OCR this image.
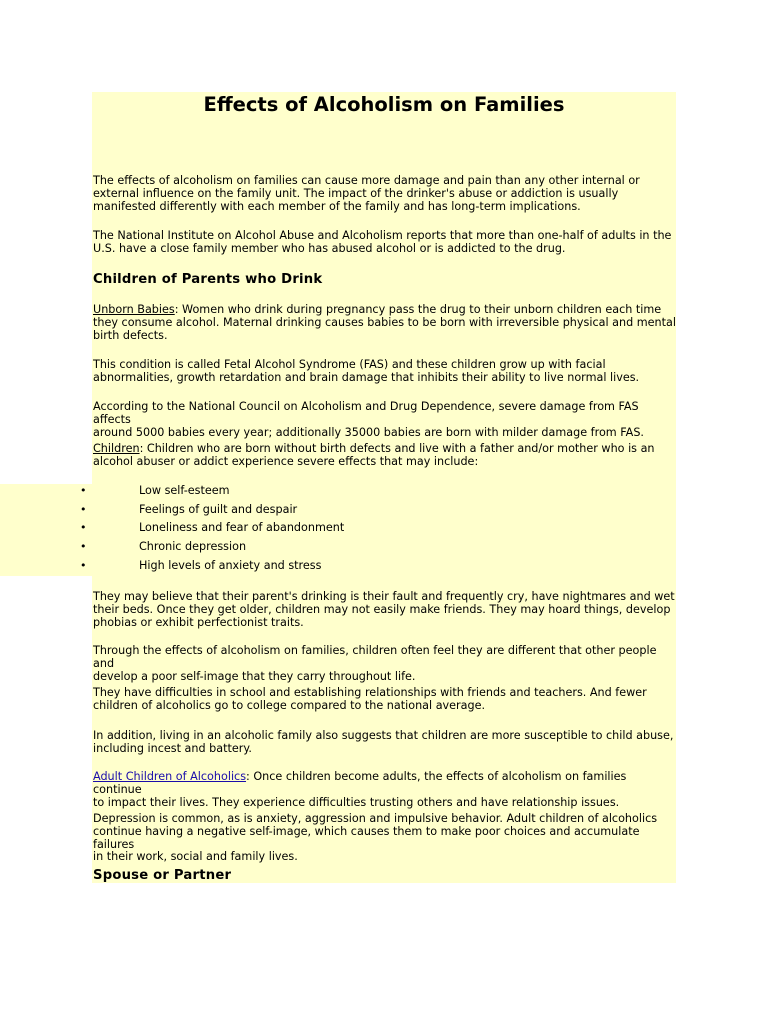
Effects of Alcoholism on Families
The effects of alcoholism on families can cause more damage and pain than any other internal or
external influence on the family unit. The impact of the drinker's abuse or addiction is usually
manifested differently with each member of the family and has long-term implications.
The National Institute on Alcohol Abuse and Alcoholism reports that more than one-half of adults in the
U.S. have a close family member who has abused alcohol or is addicted to the drug.
Children of Parents who Drink
Unborn Babies: Women who drink during pregnancy pass the drug to their unborn children each time
they consume alcohol. Maternal drinking causes babies to be born with irreversible physical and mental
birth defects.
This condition is called Fetal Alcohol Syndrome (FAS) and these children grow up with facial
abnormalities, growth retardation and brain damage that inhibits their ability to live normal lives.
According to the National Council on Alcoholism and Drug Dependence, severe damage from FAS affects
around 5000 babies every year; additionally 35000 babies are born with milder damage from FAS.
Children: Children who are born without birth defects and live with a father and/or mother who is an
alcohol abuser or addict experience severe effects that may include:
•	Low self-esteem
•	Feelings of guilt and despair
•	Loneliness and fear of abandonment
•	Chronic depression
•	High levels of anxiety and stress
They may believe that their parent's drinking is their fault and frequently cry, have nightmares and wet
their beds. Once they get older, children may not easily make friends. They may hoard things, develop
phobias or exhibit perfectionist traits.
Through the effects of alcoholism on families, children often feel they are different that other people and
develop a poor self-image that they carry throughout life.
They have difficulties in school and establishing relationships with friends and teachers. And fewer
children of alcoholics go to college compared to the national average.
In addition, living in an alcoholic family also suggests that children are more susceptible to child abuse,
including incest and battery.
Adult Children of Alcoholics: Once children become adults, the effects of alcoholism on families continue
to impact their lives. They experience difficulties trusting others and have relationship issues.
Depression is common, as is anxiety, aggression and impulsive behavior. Adult children of alcoholics
continue having a negative self-image, which causes them to make poor choices and accumulate failures
in their work, social and family lives.
Spouse or Partner
